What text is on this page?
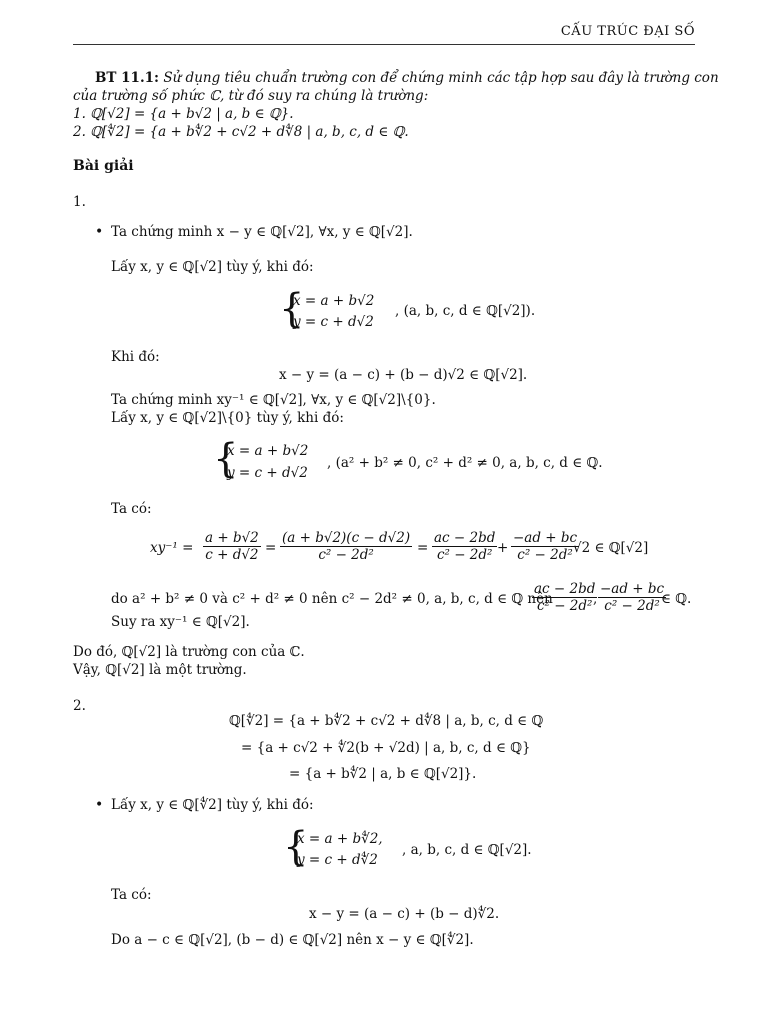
CẤU TRÚC ĐẠI SỐ
BT 11.1: Sử dụng tiêu chuẩn trường con để chứng minh các tập hợp sau đây là trường con
của trường số phức ℂ, từ đó suy ra chúng là trường:
1. ℚ[√2] = {a + b√2 | a, b ∈ ℚ}.
2. ℚ[∜2] = {a + b∜2 + c√2 + d∜8 | a, b, c, d ∈ ℚ.
Bài giải
1.
• Ta chứng minh x − y ∈ ℚ[√2], ∀x, y ∈ ℚ[√2].
Lấy x, y ∈ ℚ[√2] tùy ý, khi đó:
{
x = a + b√2
y = c + d√2
, (a, b, c, d ∈ ℚ[√2]).
Khi đó:
x − y = (a − c) + (b − d)√2 ∈ ℚ[√2].
Ta chứng minh xy⁻¹ ∈ ℚ[√2], ∀x, y ∈ ℚ[√2]\{0}.
Lấy x, y ∈ ℚ[√2]\{0} tùy ý, khi đó:
{
x = a + b√2
y = c + d√2
, (a² + b² ≠ 0, c² + d² ≠ 0, a, b, c, d ∈ ℚ.
Ta có:
$xy^{-1} = \frac{a + b√2}{c + d√2} = \frac{(a + b√2)(c - d√2)}{\text{c² − 2d²}} = \frac{ac - 2bd}{\text{c² − 2d²}} + \frac{-ad + bc}{\text{c² − 2d²}}$
√2 ∈ ℚ[√2]
do a² + b² ≠ 0 và c² + d² ≠ 0 nên c² − 2d² ≠ 0, a, b, c, d ∈ ℚ nên
$\frac{ac - 2bd}{\text{c² − 2d²}}$
, $\frac{-ad + bc}{\text{c² − 2d²}}$
∈ ℚ.
Suy ra xy⁻¹ ∈ ℚ[√2].
Do đó, ℚ[√2] là trường con của ℂ.
Vậy, ℚ[√2] là một trường.
2.
ℚ[∜2] = {a + b∜2 + c√2 + d∜8 | a, b, c, d ∈ ℚ
= {a + c√2 + ∜2(b + √2d) | a, b, c, d ∈ ℚ}
= {a + b∜2 | a, b ∈ ℚ[√2]}.
• Lấy x, y ∈ ℚ[∜2] tùy ý, khi đó:
{
x = a + b∜2,
y = c + d∜2
, a, b, c, d ∈ ℚ[√2].
Ta có:
x − y = (a − c) + (b − d)∜2.
Do a − c ∈ ℚ[√2], (b − d) ∈ ℚ[√2] nên x − y ∈ ℚ[∜2].
